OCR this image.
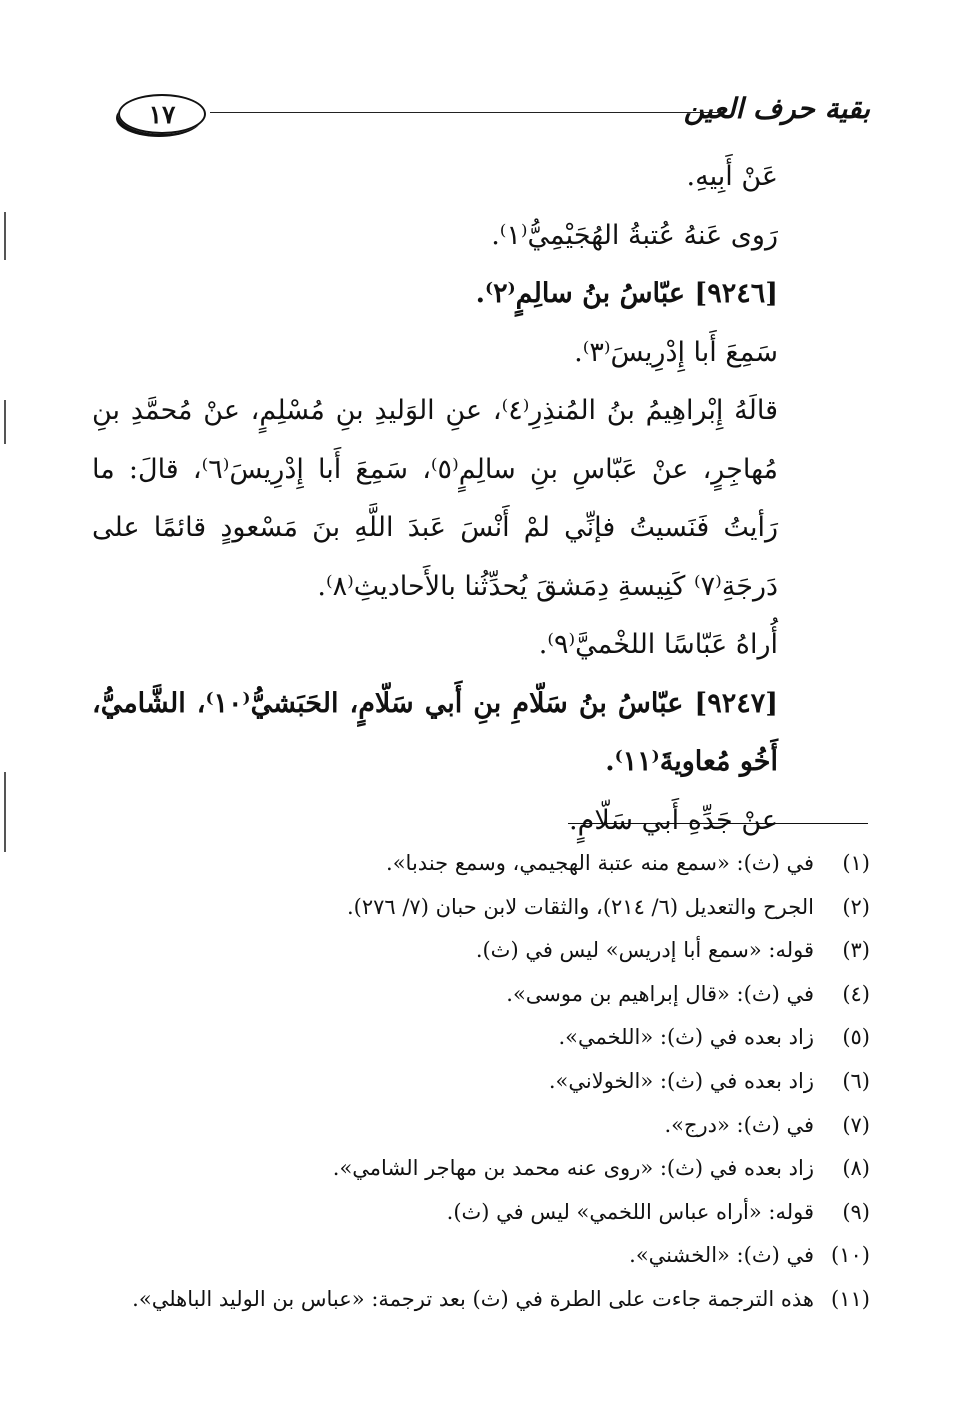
بقية حرف العين
١٧

عَنْ أَبِيهِ.

رَوى عَنهُ عُتبةُ الهُجَيْمِيُّ⁽١⁾.

[٩٢٤٦] عبّاسُ بنُ سالِمٍ⁽٢⁾.

سَمِعَ أَبا إِدْرِيسَ⁽٣⁾.

قالَهُ إِبْراهِيمُ بنُ المُنذِرِ⁽٤⁾، عنِ الوَليدِ بنِ مُسْلِمٍ، عنْ مُحمَّدِ بنِ مُهاجِرٍ، عنْ عَبّاسِ بنِ سالِمٍ⁽٥⁾، سَمِعَ أَبا إِدْرِيسَ⁽٦⁾، قالَ: ما رَأيتُ فَنَسيتُ فإنِّي لمْ أَنْسَ عَبدَ اللَّهِ بنَ مَسْعودٍ قائمًا على دَرجَةِ⁽٧⁾ كَنِيسةِ دِمَشقَ يُحدِّثُنا بالأَحاديثِ⁽٨⁾.

أُراهُ عَبّاسًا اللخْميَّ⁽٩⁾.

[٩٢٤٧] عبّاسُ بنُ سَلّامِ بنِ أَبي سَلّامٍ، الحَبَشيُّ⁽١٠⁾، الشَّاميُّ، أَخُو مُعاويةَ⁽١١⁾.

عنْ جَدِّهِ أَبي سَلّامٍ.

(١)في (ث): «سمع منه عتبة الهجيمي، وسمع جندبا».

(٢)الجرح والتعديل (٦/ ٢١٤)، والثقات لابن حبان (٧/ ٢٧٦).

(٣)قوله: «سمع أبا إدريس» ليس في (ث).

(٤)في (ث): «قال إبراهيم بن موسى».

(٥)زاد بعده في (ث): «اللخمي».

(٦)زاد بعده في (ث): «الخولاني».

(٧)في (ث): «درج».

(٨)زاد بعده في (ث): «روى عنه محمد بن مهاجر الشامي».

(٩)قوله: «أراه عباس اللخمي» ليس في (ث).

(١٠)في (ث): «الخشني».

(١١)هذه الترجمة جاءت على الطرة في (ث) بعد ترجمة: «عباس بن الوليد الباهلي».
